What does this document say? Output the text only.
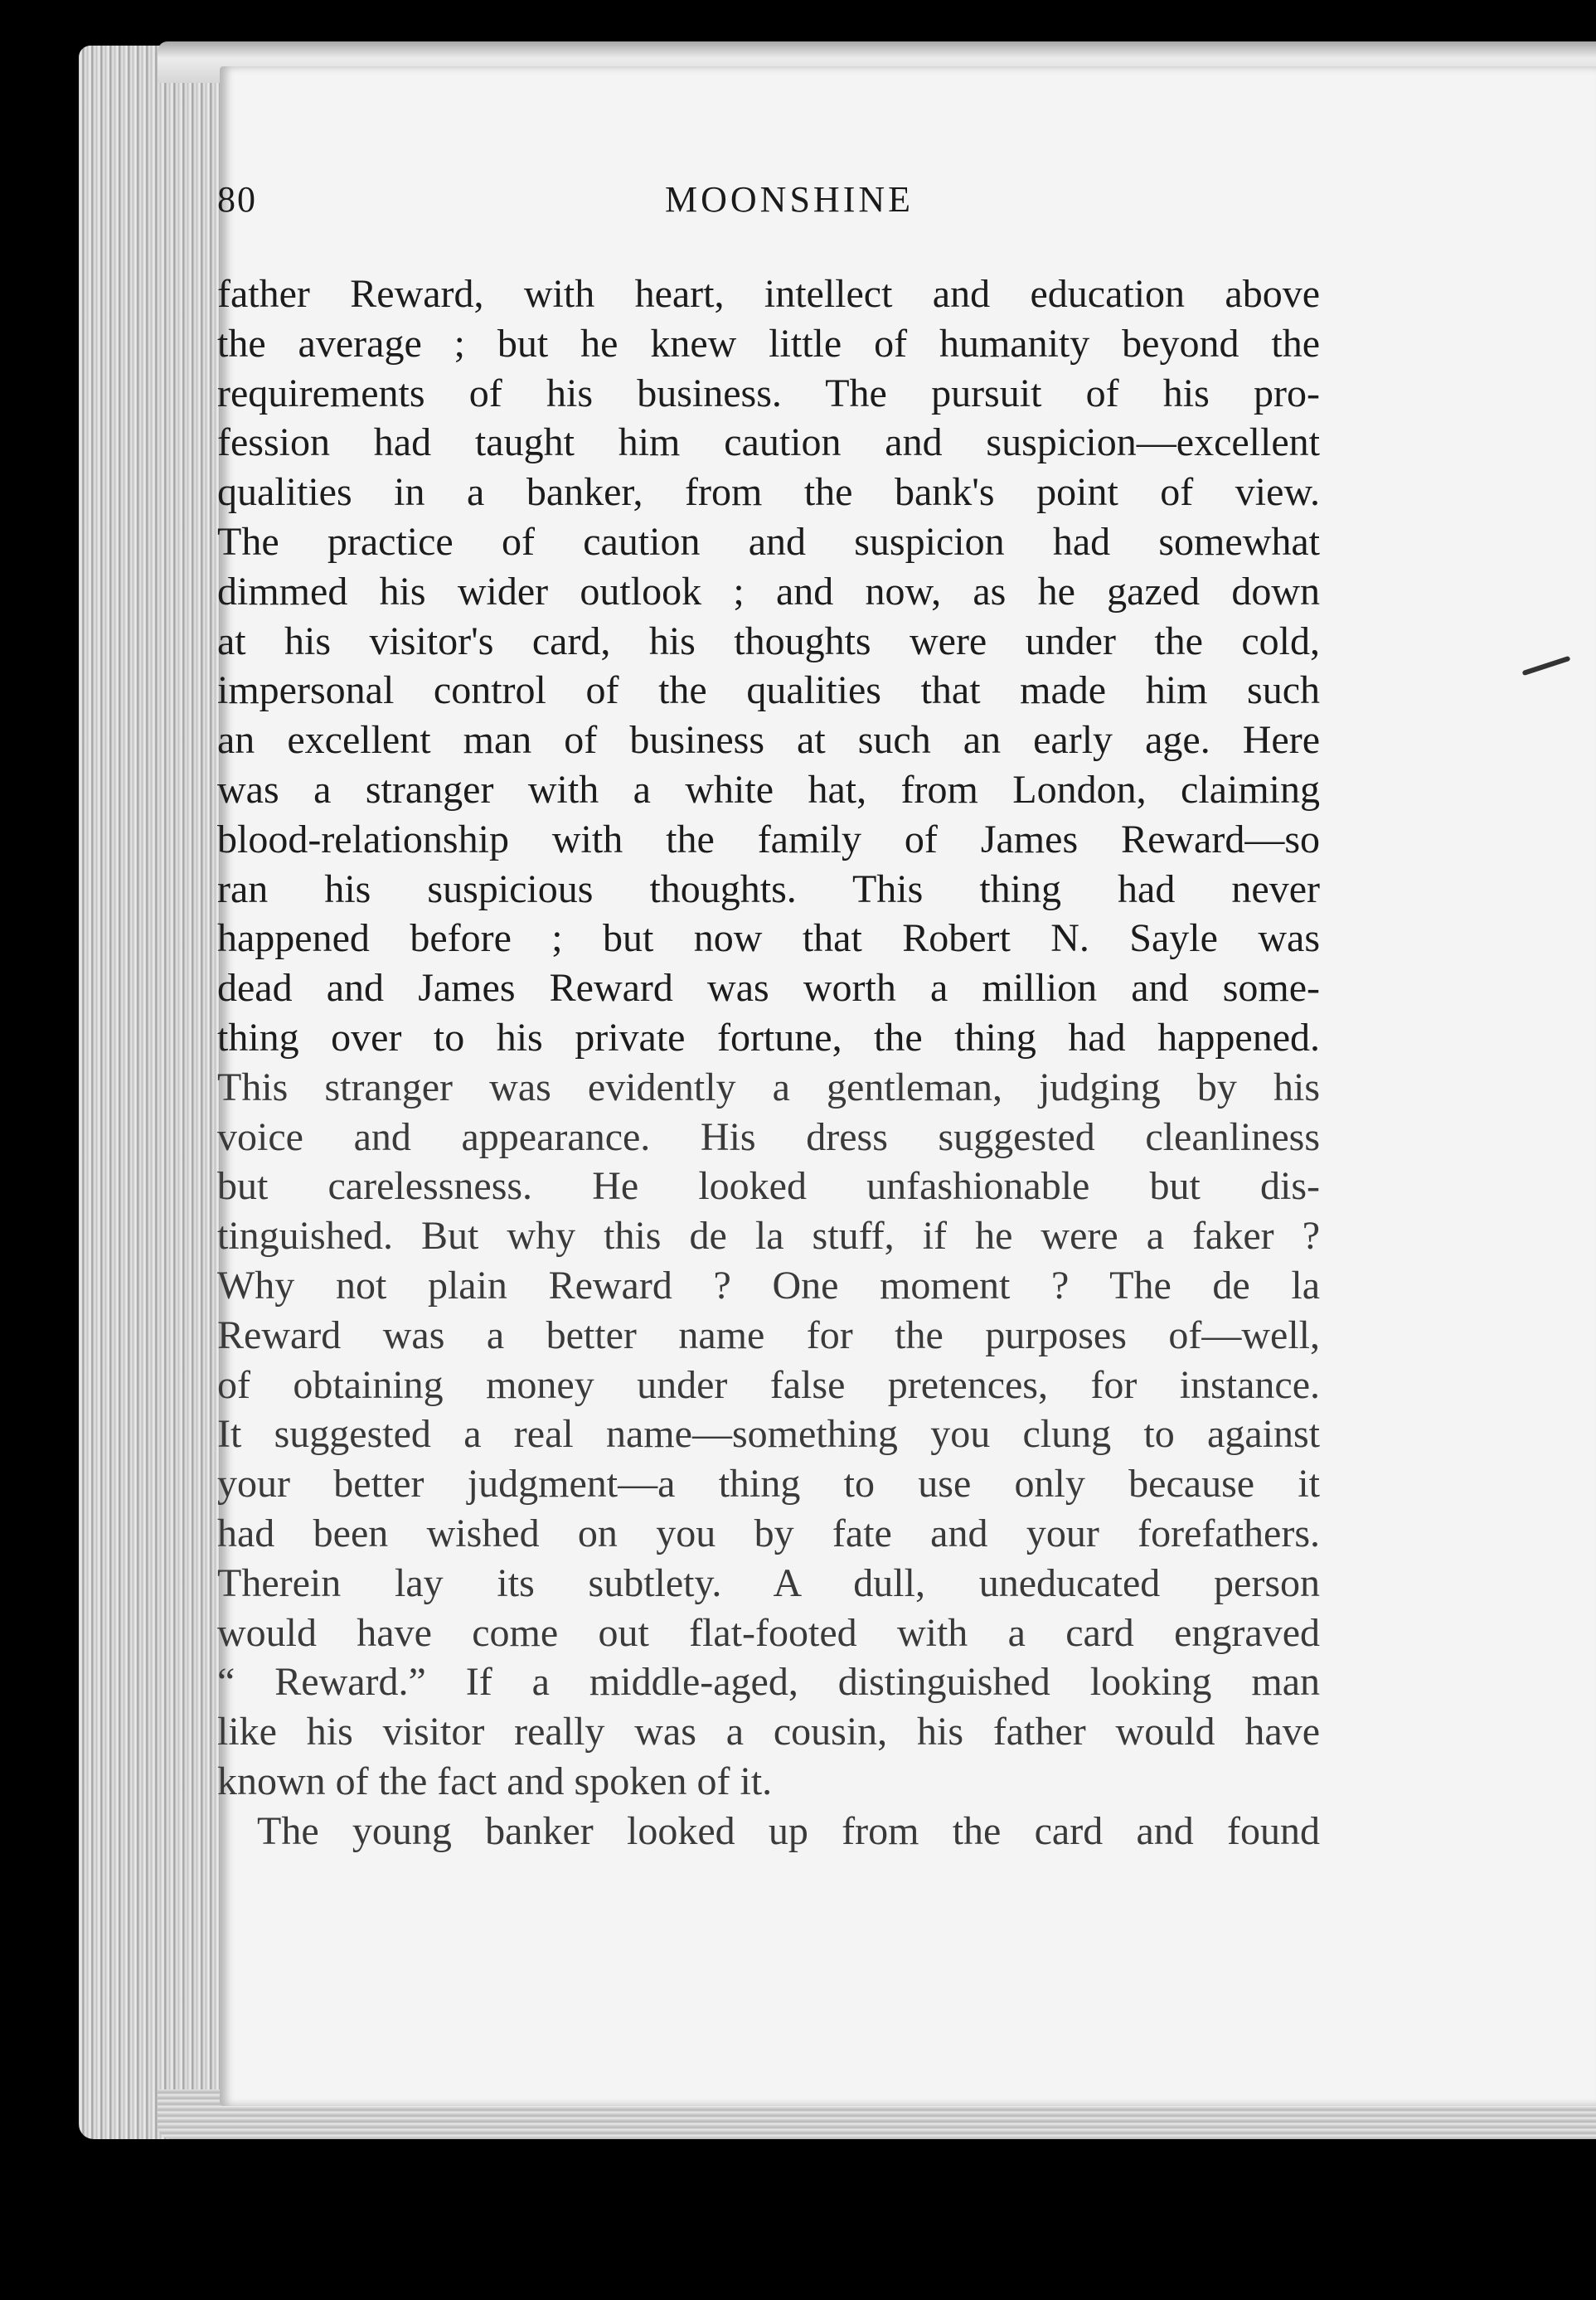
80	MOONSHINE
father Reward, with heart, intellect and education above
the average ; but he knew little of humanity beyond the
requirements of his business. The pursuit of his pro-
fession had taught him caution and suspicion—excellent
qualities in a banker, from the bank's point of view.
The practice of caution and suspicion had somewhat
dimmed his wider outlook ; and now, as he gazed down
at his visitor's card, his thoughts were under the cold,
impersonal control of the qualities that made him such
an excellent man of business at such an early age. Here
was a stranger with a white hat, from London, claiming
blood-relationship with the family of James Reward—so
ran his suspicious thoughts. This thing had never
happened before ; but now that Robert N. Sayle was
dead and James Reward was worth a million and some-
thing over to his private fortune, the thing had happened.
This stranger was evidently a gentleman, judging by his
voice and appearance. His dress suggested cleanliness
but carelessness. He looked unfashionable but dis-
tinguished. But why this de la stuff, if he were a faker ?
Why not plain Reward ? One moment ? The de la
Reward was a better name for the purposes of—well,
of obtaining money under false pretences, for instance.
It suggested a real name—something you clung to against
your better judgment—a thing to use only because it
had been wished on you by fate and your forefathers.
Therein lay its subtlety. A dull, uneducated person
would have come out flat-footed with a card engraved
“ Reward.” If a middle-aged, distinguished looking man
like his visitor really was a cousin, his father would have
known of the fact and spoken of it.
The young banker looked up from the card and found
